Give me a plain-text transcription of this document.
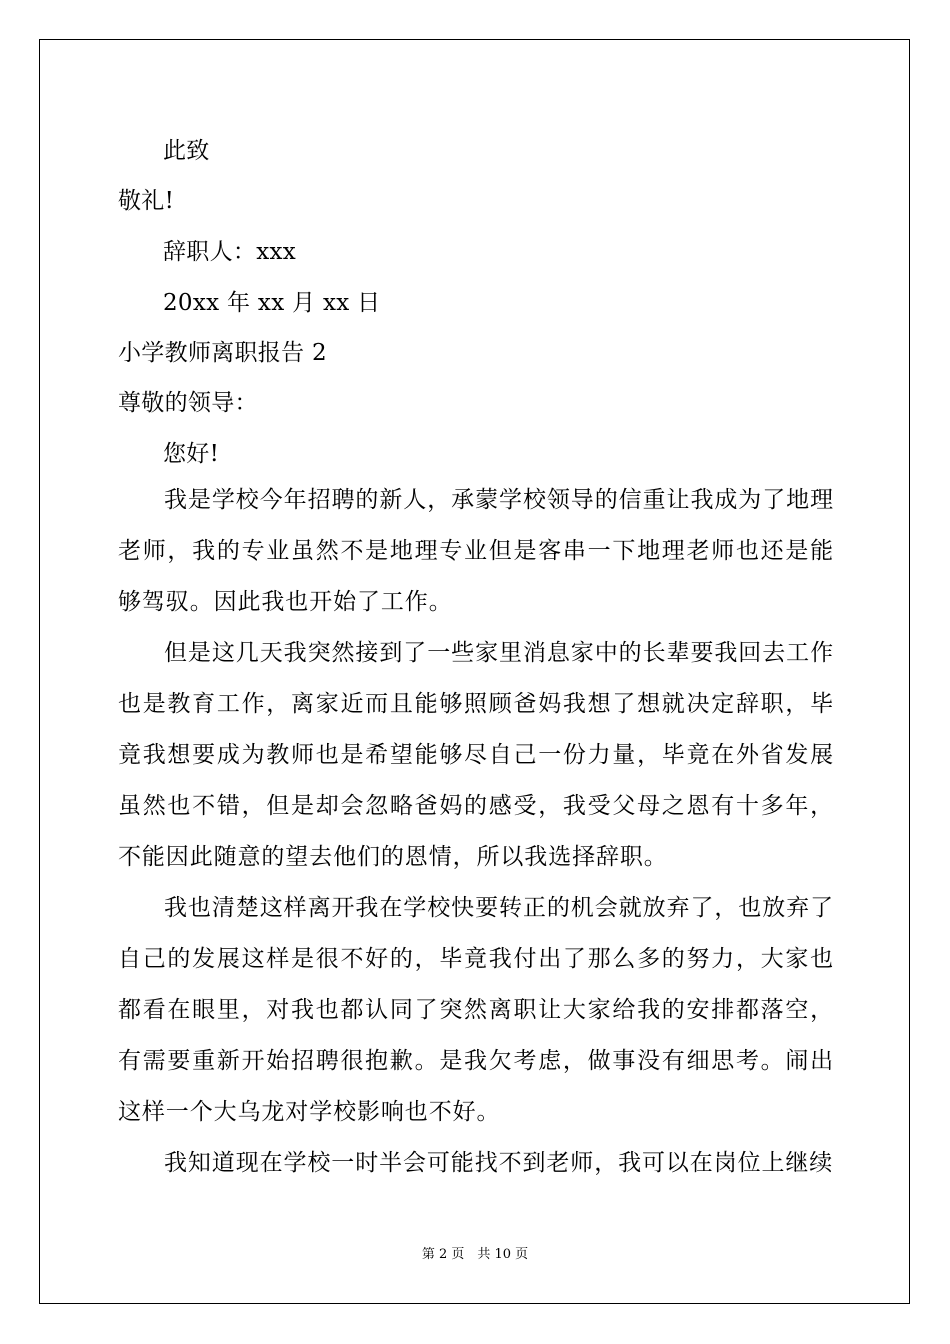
此致
敬礼!
辞职人：xxx
20xx 年 xx 月 xx 日
小学教师离职报告 2
尊敬的领导：
您好!

我是学校今年招聘的新人，承蒙学校领导的信重让我成为了地理老师，我的专业虽然不是地理专业但是客串一下地理老师也还是能够驾驭。因此我也开始了工作。

但是这几天我突然接到了一些家里消息家中的长辈要我回去工作也是教育工作，离家近而且能够照顾爸妈我想了想就决定辞职，毕竟我想要成为教师也是希望能够尽自己一份力量，毕竟在外省发展虽然也不错，但是却会忽略爸妈的感受，我受父母之恩有十多年，不能因此随意的望去他们的恩情，所以我选择辞职。

我也清楚这样离开我在学校快要转正的机会就放弃了，也放弃了自己的发展这样是很不好的，毕竟我付出了那么多的努力，大家也都看在眼里，对我也都认同了突然离职让大家给我的安排都落空，有需要重新开始招聘很抱歉。是我欠考虑，做事没有细思考。闹出这样一个大乌龙对学校影响也不好。

我知道现在学校一时半会可能找不到老师，我可以在岗位上继续

第 2 页　共 10 页
